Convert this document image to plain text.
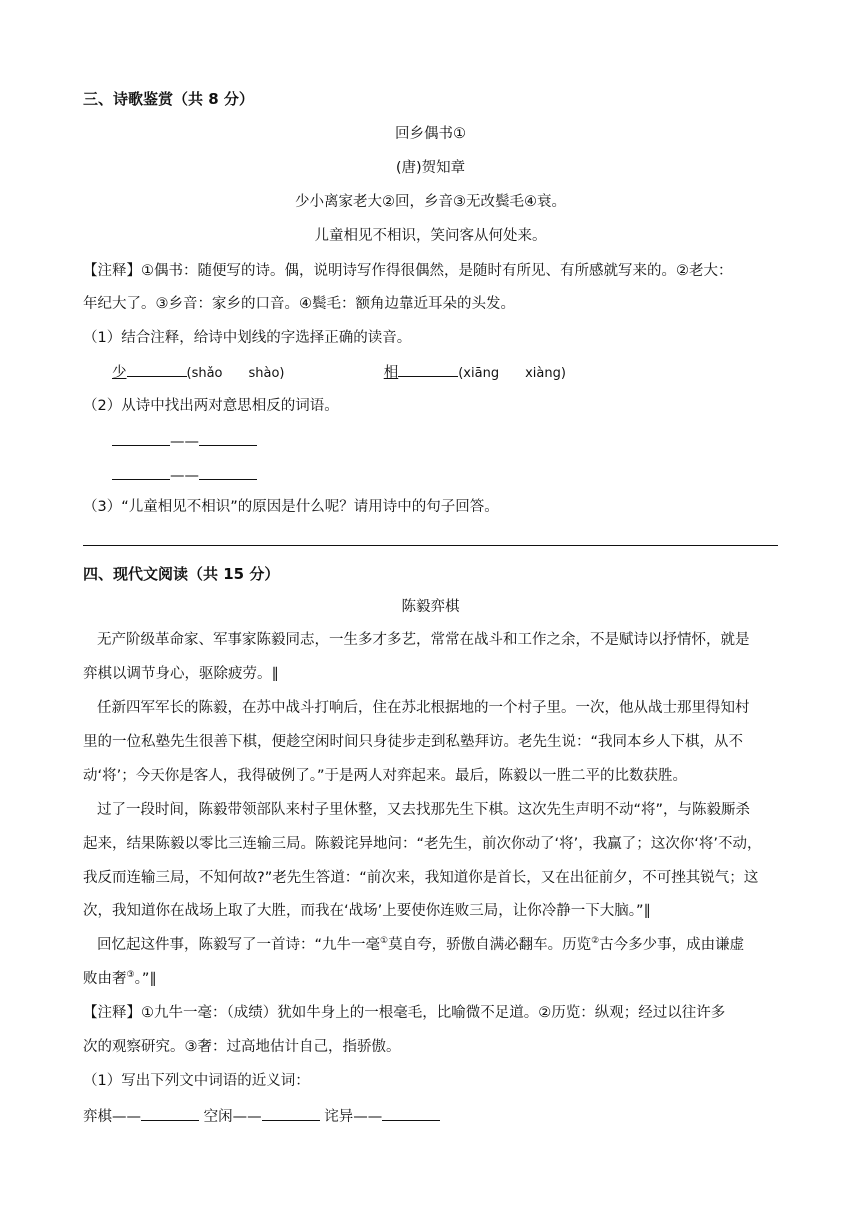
三、诗歌鉴赏（共 8 分）
回乡偶书①
(唐)贺知章
少小离家老大②回，乡音③无改鬓毛④衰。
儿童相见不相识，笑问客从何处来。
【注释】①偶书：随便写的诗。偶，说明诗写作得很偶然，是随时有所见、有所感就写来的。②老大：
年纪大了。③乡音：家乡的口音。④鬓毛：额角边靠近耳朵的头发。
（1）结合注释，给诗中划线的字选择正确的读音。
少	(shǎo　　shào)	相	(xiāng　　xiàng)
（2）从诗中找出两对意思相反的词语。
——
——
（3）“儿童相见不相识”的原因是什么呢？请用诗中的句子回答。
四、现代文阅读（共 15 分）
陈毅弈棋
无产阶级革命家、军事家陈毅同志，一生多才多艺，常常在战斗和工作之余，不是赋诗以抒情怀，就是
弈棋以调节身心，驱除疲劳。∥
任新四军军长的陈毅，在苏中战斗打响后，住在苏北根据地的一个村子里。一次，他从战士那里得知村
里的一位私塾先生很善下棋，便趁空闲时间只身徒步走到私塾拜访。老先生说：“我同本乡人下棋，从不
动‘将’；今天你是客人，我得破例了。”于是两人对弈起来。最后，陈毅以一胜二平的比数获胜。
过了一段时间，陈毅带领部队来村子里休整，又去找那先生下棋。这次先生声明不动“将”，与陈毅厮杀
起来，结果陈毅以零比三连输三局。陈毅诧异地问：“老先生，前次你动了‘将’，我赢了；这次你‘将’不动，
我反而连输三局，不知何故?”老先生答道：“前次来，我知道你是首长，又在出征前夕，不可挫其锐气；这
次，我知道你在战场上取了大胜，而我在‘战场’上要使你连败三局，让你冷静一下大脑。”∥
回忆起这件事，陈毅写了一首诗：“九牛一毫①莫自夸，骄傲自满必翻车。历览②古今多少事，成由谦虚
败由奢③。”∥
【注释】①九牛一毫：（成绩）犹如牛身上的一根毫毛，比喻微不足道。②历览：纵观；经过以往许多
次的观察研究。③奢：过高地估计自己，指骄傲。
（1）写出下列文中词语的近义词：
弈棋——	空闲——	诧异——
